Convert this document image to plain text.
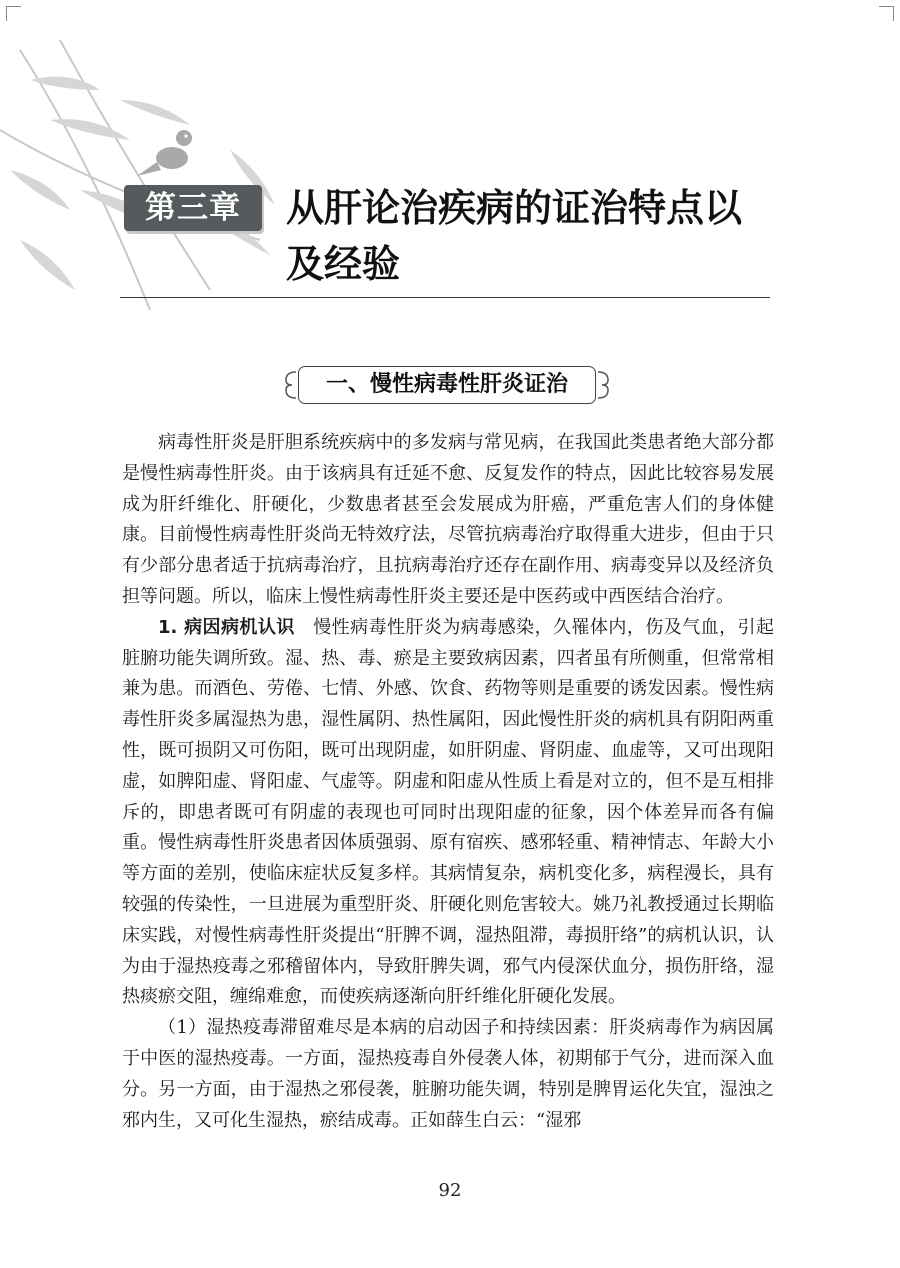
第三章	从肝论治疾病的证治特点以及经验
一、慢性病毒性肝炎证治

病毒性肝炎是肝胆系统疾病中的多发病与常见病，在我国此类患者绝大部分都是慢性病毒性肝炎。由于该病具有迁延不愈、反复发作的特点，因此比较容易发展成为肝纤维化、肝硬化，少数患者甚至会发展成为肝癌，严重危害人们的身体健康。目前慢性病毒性肝炎尚无特效疗法，尽管抗病毒治疗取得重大进步，但由于只有少部分患者适于抗病毒治疗，且抗病毒治疗还存在副作用、病毒变异以及经济负担等问题。所以，临床上慢性病毒性肝炎主要还是中医药或中西医结合治疗。

1. 病因病机认识  慢性病毒性肝炎为病毒感染，久罹体内，伤及气血，引起脏腑功能失调所致。湿、热、毒、瘀是主要致病因素，四者虽有所侧重，但常常相兼为患。而酒色、劳倦、七情、外感、饮食、药物等则是重要的诱发因素。慢性病毒性肝炎多属湿热为患，湿性属阴、热性属阳，因此慢性肝炎的病机具有阴阳两重性，既可损阴又可伤阳，既可出现阴虚，如肝阴虚、肾阴虚、血虚等，又可出现阳虚，如脾阳虚、肾阳虚、气虚等。阴虚和阳虚从性质上看是对立的，但不是互相排斥的，即患者既可有阴虚的表现也可同时出现阳虚的征象，因个体差异而各有偏重。慢性病毒性肝炎患者因体质强弱、原有宿疾、感邪轻重、精神情志、年龄大小等方面的差别，使临床症状反复多样。其病情复杂，病机变化多，病程漫长，具有较强的传染性，一旦进展为重型肝炎、肝硬化则危害较大。姚乃礼教授通过长期临床实践，对慢性病毒性肝炎提出“肝脾不调，湿热阻滞，毒损肝络”的病机认识，认为由于湿热疫毒之邪稽留体内，导致肝脾失调，邪气内侵深伏血分，损伤肝络，湿热痰瘀交阻，缠绵难愈，而使疾病逐渐向肝纤维化肝硬化发展。

（1）湿热疫毒滞留难尽是本病的启动因子和持续因素：肝炎病毒作为病因属于中医的湿热疫毒。一方面，湿热疫毒自外侵袭人体，初期郁于气分，进而深入血分。另一方面，由于湿热之邪侵袭，脏腑功能失调，特别是脾胃运化失宜，湿浊之邪内生，又可化生湿热，瘀结成毒。正如薛生白云：“湿邪

92
